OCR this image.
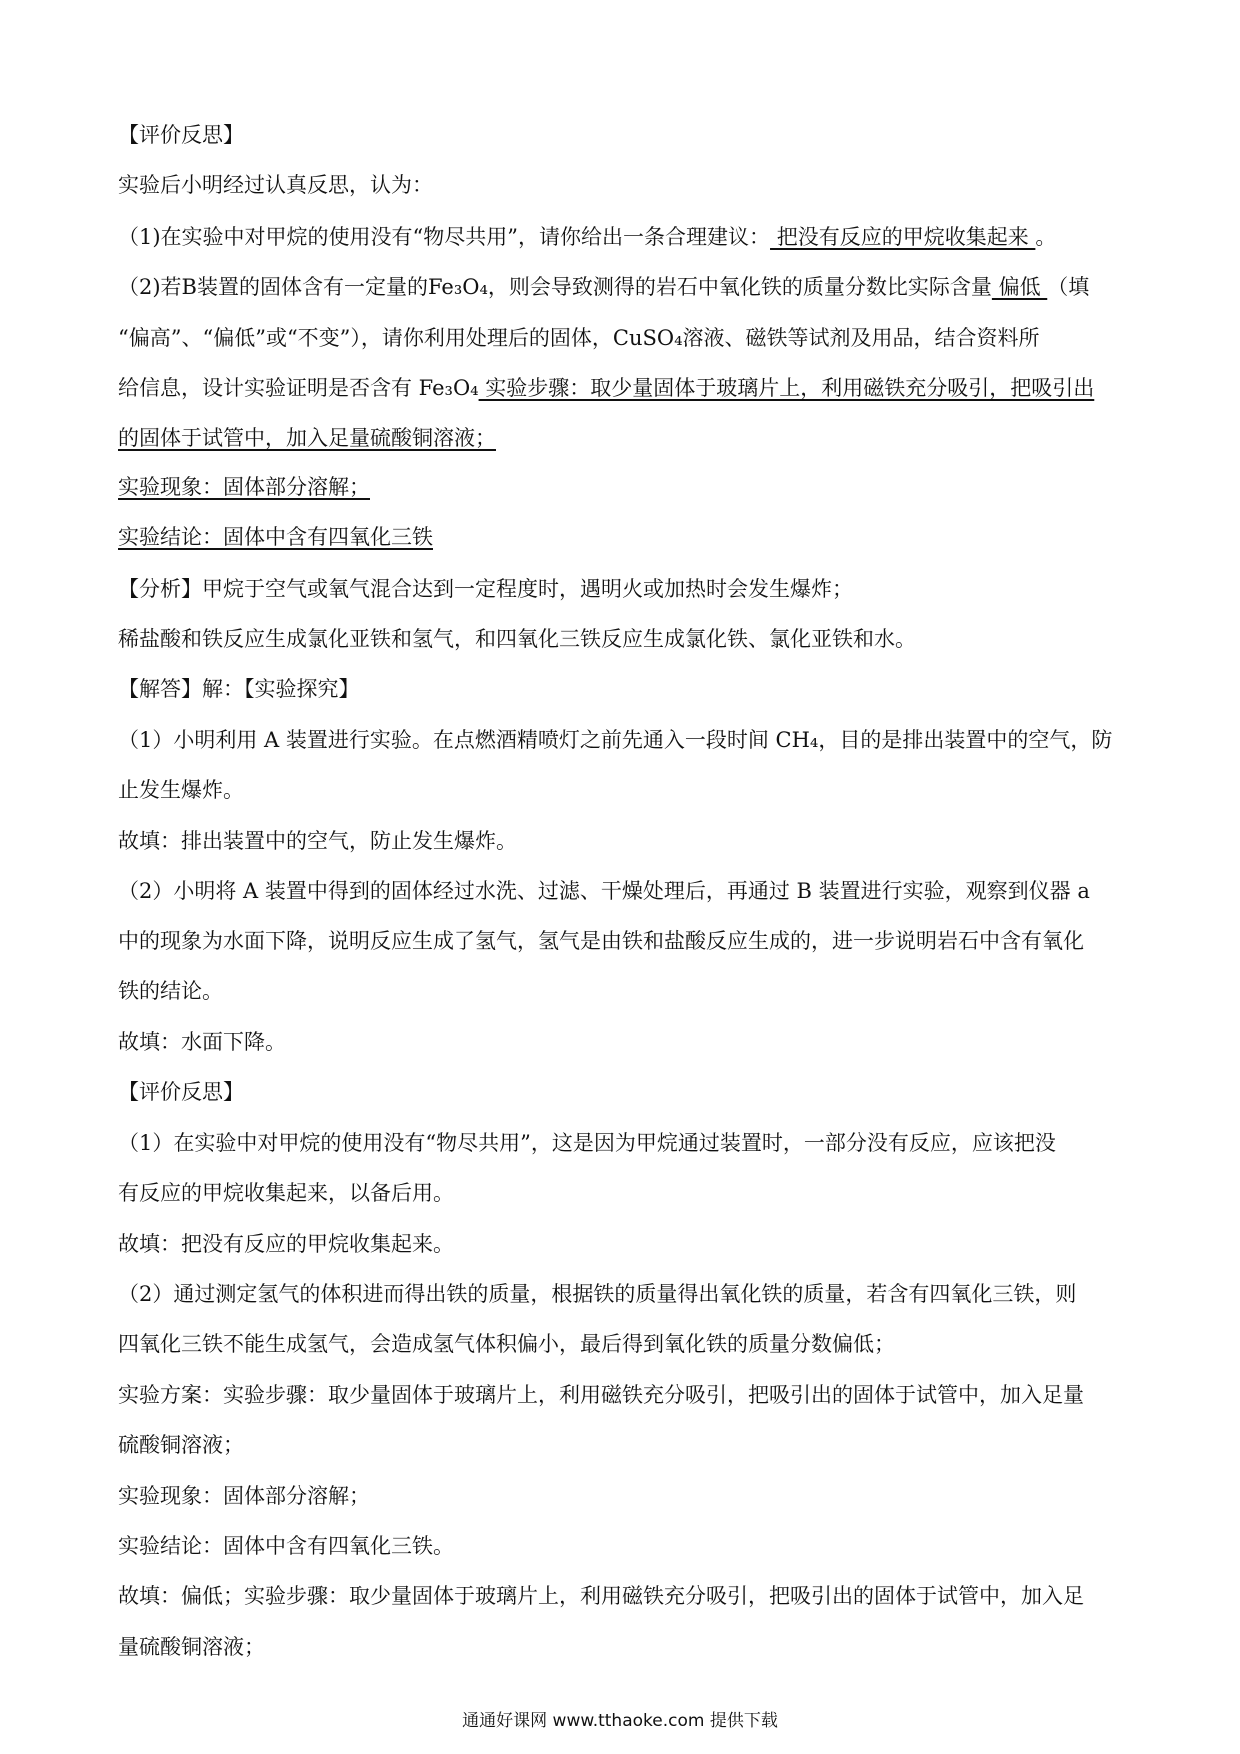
【评价反思】
实验后小明经过认真反思，认为：
（1)在实验中对甲烷的使用没有“物尽共用”，请你给出一条合理建议： 把没有反应的甲烷收集起来 。
（2)若B装置的固体含有一定量的Fe₃O₄，则会导致测得的岩石中氧化铁的质量分数比实际含量 偏低 （填
“偏高”、“偏低”或“不变”），请你利用处理后的固体，CuSO₄溶液、磁铁等试剂及用品，结合资料所
给信息，设计实验证明是否含有 Fe₃O₄ 实验步骤：取少量固体于玻璃片上，利用磁铁充分吸引，把吸引出
的固体于试管中，加入足量硫酸铜溶液；
实验现象：固体部分溶解；
实验结论：固体中含有四氧化三铁
【分析】甲烷于空气或氧气混合达到一定程度时，遇明火或加热时会发生爆炸；
稀盐酸和铁反应生成氯化亚铁和氢气，和四氧化三铁反应生成氯化铁、氯化亚铁和水。
【解答】解：【实验探究】
（1）小明利用 A 装置进行实验。在点燃酒精喷灯之前先通入一段时间 CH₄，目的是排出装置中的空气，防
止发生爆炸。
故填：排出装置中的空气，防止发生爆炸。
（2）小明将 A 装置中得到的固体经过水洗、过滤、干燥处理后，再通过 B 装置进行实验，观察到仪器 a
中的现象为水面下降，说明反应生成了氢气，氢气是由铁和盐酸反应生成的，进一步说明岩石中含有氧化
铁的结论。
故填：水面下降。
【评价反思】
（1）在实验中对甲烷的使用没有“物尽共用”，这是因为甲烷通过装置时，一部分没有反应，应该把没
有反应的甲烷收集起来，以备后用。
故填：把没有反应的甲烷收集起来。
（2）通过测定氢气的体积进而得出铁的质量，根据铁的质量得出氧化铁的质量，若含有四氧化三铁，则
四氧化三铁不能生成氢气，会造成氢气体积偏小，最后得到氧化铁的质量分数偏低；
实验方案：实验步骤：取少量固体于玻璃片上，利用磁铁充分吸引，把吸引出的固体于试管中，加入足量
硫酸铜溶液；
实验现象：固体部分溶解；
实验结论：固体中含有四氧化三铁。
故填：偏低；实验步骤：取少量固体于玻璃片上，利用磁铁充分吸引，把吸引出的固体于试管中，加入足
量硫酸铜溶液；
通通好课网 www.tthaoke.com 提供下载
